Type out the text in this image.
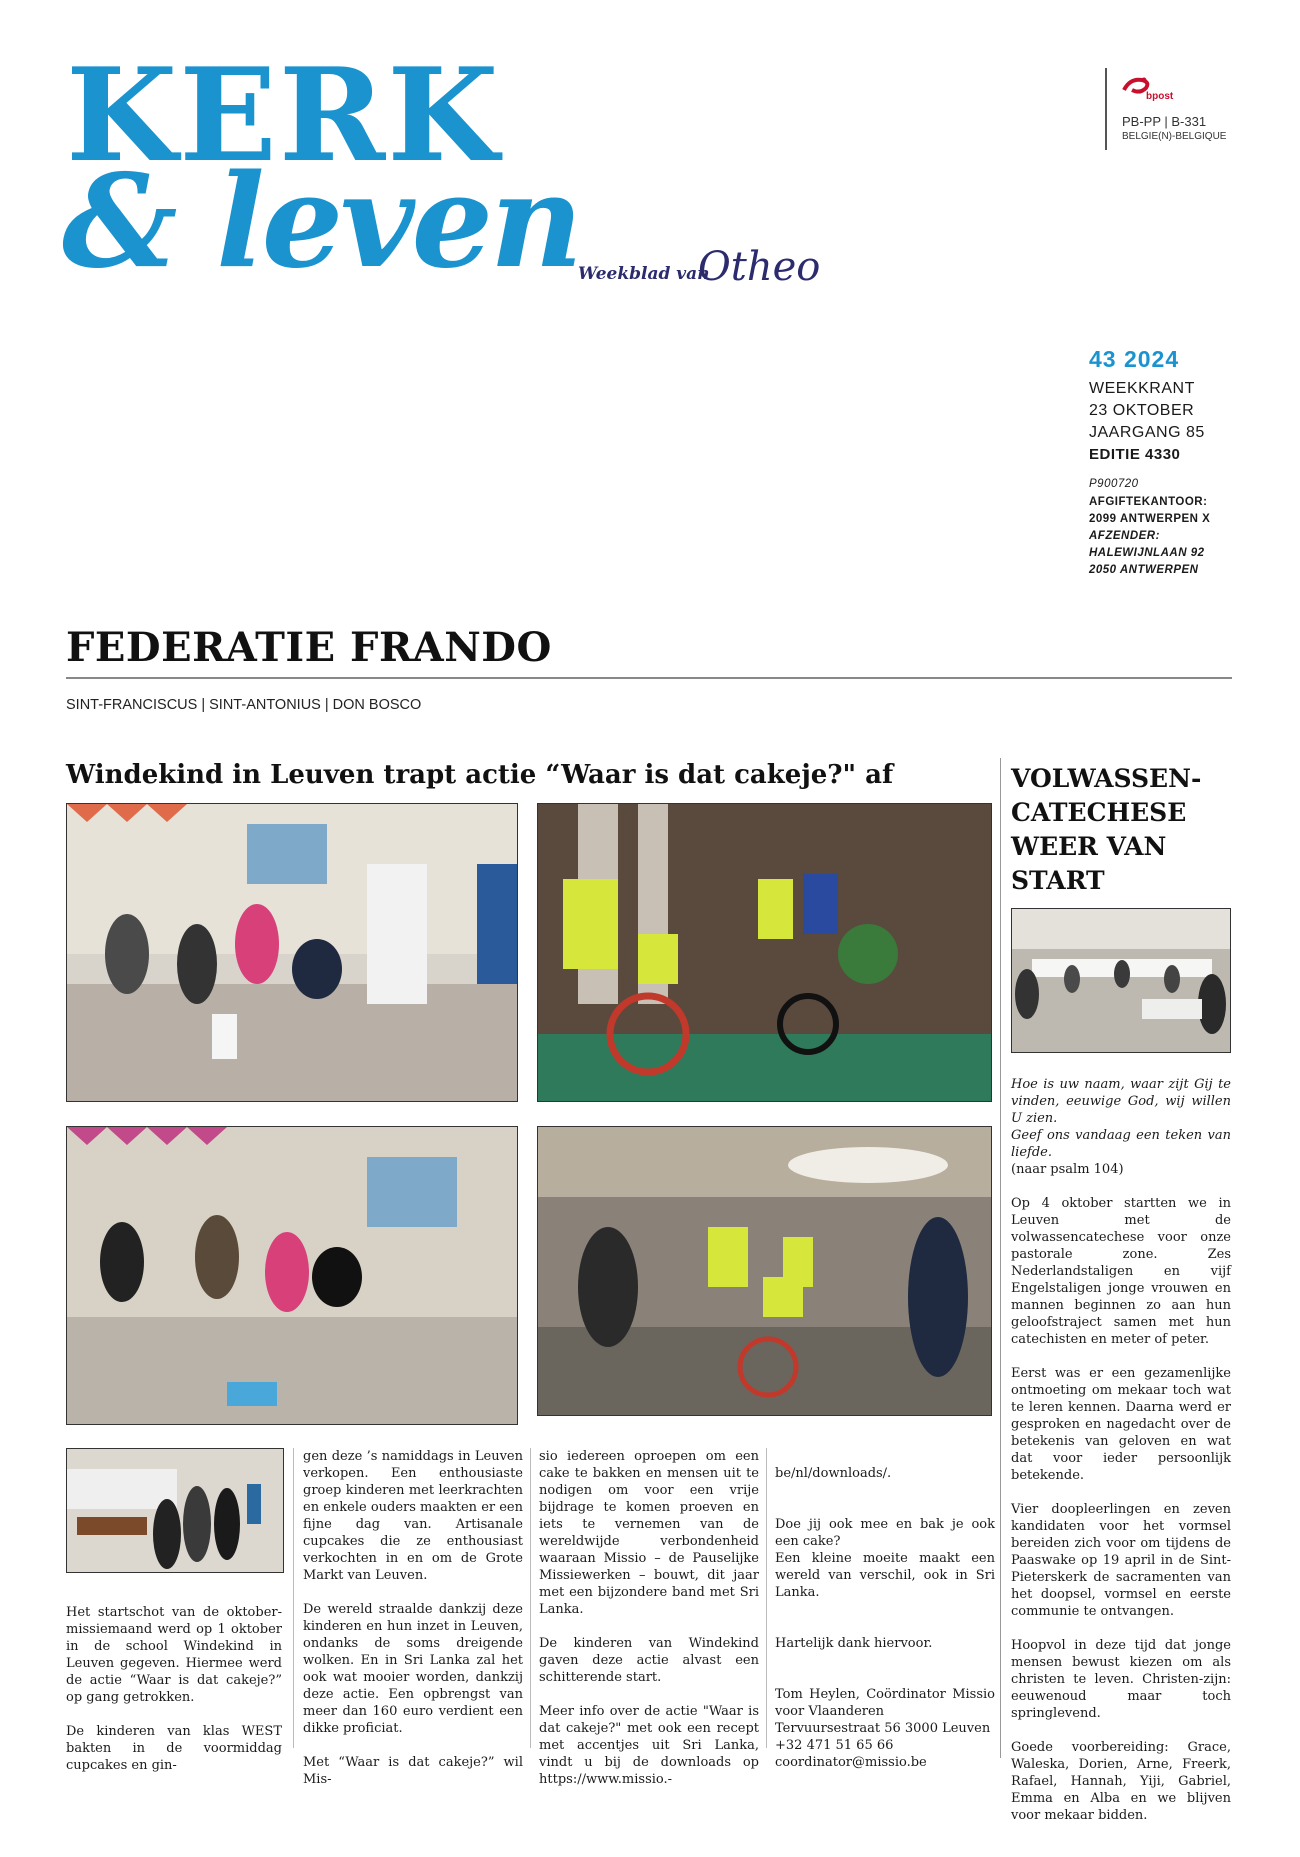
KERK
& leven
Weekblad van
Otheo
bpost
PB-PP | B-331
BELGIE(N)-BELGIQUE
43 2024
WEEKKRANT
23 OKTOBER
JAARGANG 85
EDITIE 4330
P900720
AFGIFTEKANTOOR:
2099 ANTWERPEN X
AFZENDER:
HALEWIJNLAAN 92
2050 ANTWERPEN
FEDERATIE FRANDO
SINT-FRANCISCUS | SINT-ANTONIUS | DON BOSCO
Windekind in Leuven trapt actie “Waar is dat cakeje?" af	VOLWASSEN-CATECHESE WEER VAN START

Het startschot van de oktober-missiemaand werd op 1 oktober in de school Windekind in Leuven gegeven. Hiermee werd de actie “Waar is dat cakeje?” op gang getrokken.

De kinderen van klas WEST bakten in de voormiddag cupcakes en gin-

gen deze ’s namiddags in Leuven verkopen. Een enthousiaste groep kinderen met leerkrachten en enkele ouders maakten er een fijne dag van. Artisanale cupcakes die ze enthousiast verkochten in en om de Grote Markt van Leuven.

De wereld straalde dankzij deze kinderen en hun inzet in Leuven, ondanks de soms dreigende wolken. En in Sri Lanka zal het ook wat mooier worden, dankzij deze actie. Een opbrengst van meer dan 160 euro verdient een dikke proficiat.

Met “Waar is dat cakeje?” wil Mis-

sio iedereen oproepen om een cake te bakken en mensen uit te nodigen om voor een vrije bijdrage te komen proeven en iets te vernemen van de wereldwijde verbondenheid waaraan Missio – de Pauselijke Missiewerken – bouwt, dit jaar met een bijzondere band met Sri Lanka.

De kinderen van Windekind gaven deze actie alvast een schitterende start.

Meer info over de actie "Waar is dat cakeje?" met ook een recept met accentjes uit Sri Lanka, vindt u bij de downloads op https://www.missio.-

be/nl/downloads/.

Doe jij ook mee en bak je ook een cake?
Een kleine moeite maakt een wereld van verschil, ook in Sri Lanka.

Hartelijk dank hiervoor.

Tom Heylen, Coördinator Missio voor Vlaanderen
Tervuursestraat 56 3000 Leuven
+32 471 51 65 66
coordinator@missio.be

Hoe is uw naam, waar zijt Gij te vinden, eeuwige God, wij willen U zien.
Geef ons vandaag een teken van liefde.

(naar psalm 104)

Op 4 oktober startten we in Leuven met de volwassencatechese voor onze pastorale zone. Zes Nederlandstaligen en vijf Engelstaligen jonge vrouwen en mannen beginnen zo aan hun geloofstraject samen met hun catechisten en meter of peter.

Eerst was er een gezamenlijke ontmoeting om mekaar toch wat te leren kennen. Daarna werd er gesproken en nagedacht over de betekenis van geloven en wat dat voor ieder persoonlijk betekende.

Vier doopleerlingen en zeven kandidaten voor het vormsel bereiden zich voor om tijdens de Paaswake op 19 april in de Sint-Pieterskerk de sacramenten van het doopsel, vormsel en eerste communie te ontvangen.

Hoopvol in deze tijd dat jonge mensen bewust kiezen om als christen te leven. Christen-zijn: eeuwenoud maar toch springlevend.

Goede voorbereiding: Grace, Waleska, Dorien, Arne, Freerk, Rafael, Hannah, Yiji, Gabriel, Emma en Alba en we blijven voor mekaar bidden.
